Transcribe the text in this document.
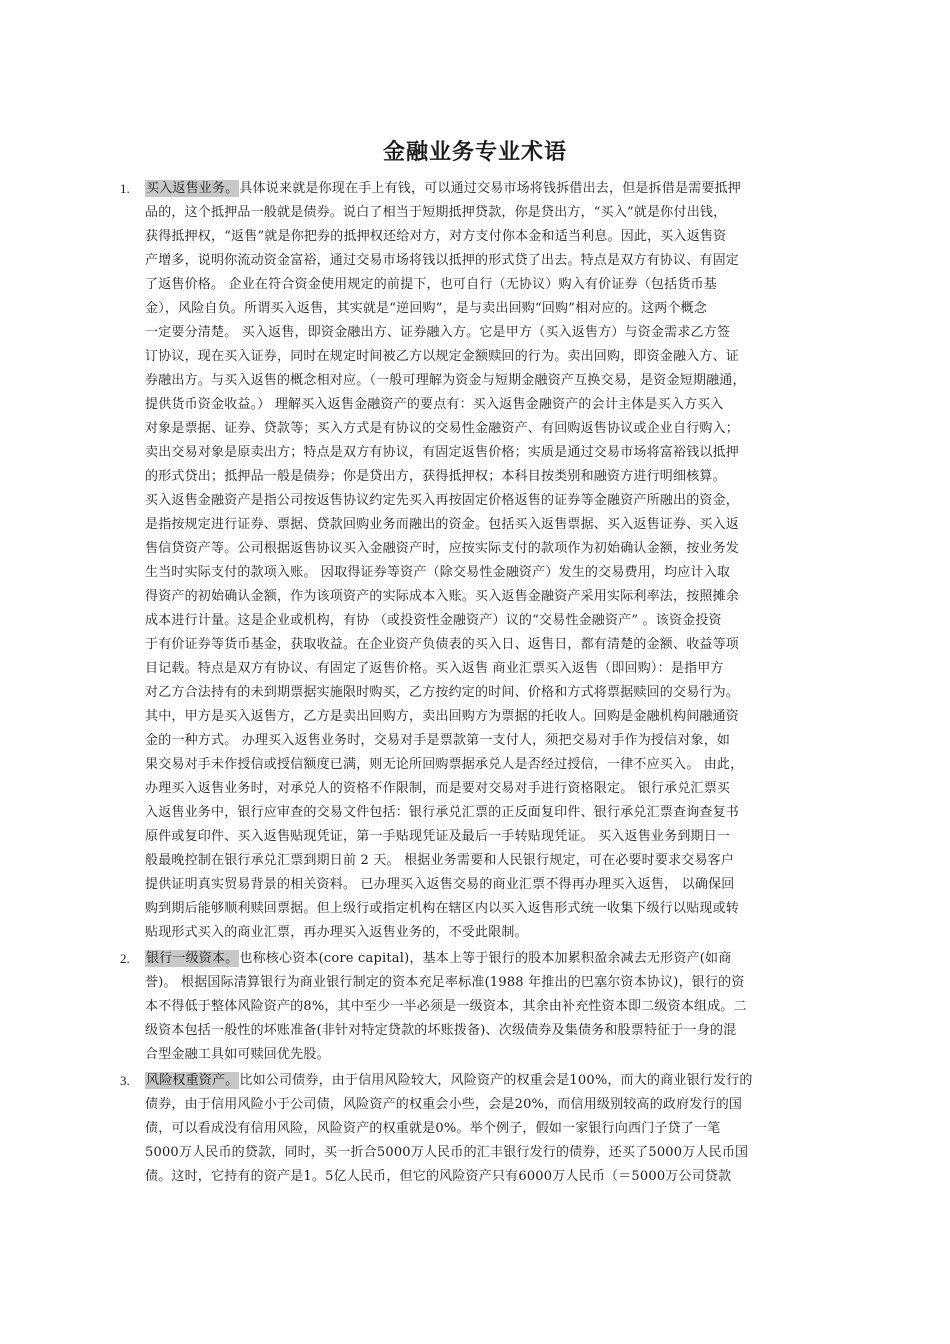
金融业务专业术语
1. 买入返售业务。具体说来就是你现在手上有钱，可以通过交易市场将钱拆借出去，但是拆借是需要抵押
品的，这个抵押品一般就是债券。说白了相当于短期抵押贷款，你是贷出方，“买入”就是你付出钱，
获得抵押权，“返售”就是你把券的抵押权还给对方，对方支付你本金和适当利息。因此，买入返售资
产增多，说明你流动资金富裕，通过交易市场将钱以抵押的形式贷了出去。特点是双方有协议、有固定
了返售价格。 企业在符合资金使用规定的前提下，也可自行（无协议）购入有价证券（包括货币基
金），风险自负。所谓买入返售，其实就是“逆回购”，是与卖出回购“回购”相对应的。这两个概念
一定要分清楚。 买入返售，即资金融出方、证券融入方。它是甲方（买入返售方）与资金需求乙方签
订协议，现在买入证券，同时在规定时间被乙方以规定金额赎回的行为。卖出回购，即资金融入方、证
券融出方。与买入返售的概念相对应。（一般可理解为资金与短期金融资产互换交易，是资金短期融通，
提供货币资金收益。） 理解买入返售金融资产的要点有：买入返售金融资产的会计主体是买入方买入
对象是票据、证券、贷款等；买入方式是有协议的交易性金融资产、有回购返售协议或企业自行购入；
卖出交易对象是原卖出方；特点是双方有协议，有固定返售价格；实质是通过交易市场将富裕钱以抵押
的形式贷出；抵押品一般是债券；你是贷出方，获得抵押权；本科目按类别和融资方进行明细核算。
买入返售金融资产是指公司按返售协议约定先买入再按固定价格返售的证券等金融资产所融出的资金，
是指按规定进行证券、票据、贷款回购业务而融出的资金。包括买入返售票据、买入返售证券、买入返
售信贷资产等。公司根据返售协议买入金融资产时，应按实际支付的款项作为初始确认金额，按业务发
生当时实际支付的款项入账。 因取得证券等资产（除交易性金融资产）发生的交易费用，均应计入取
得资产的初始确认金额，作为该项资产的实际成本入账。买入返售金融资产采用实际利率法，按照摊余
成本进行计量。这是企业或机构，有协 （或投资性金融资产）议的“交易性金融资产” 。该资金投资
于有价证券等货币基金，获取收益。在企业资产负债表的买入日、返售日，都有清楚的金额、收益等项
目记载。特点是双方有协议、有固定了返售价格。买入返售 商业汇票买入返售（即回购）：是指甲方
对乙方合法持有的未到期票据实施限时购买，乙方按约定的时间、价格和方式将票据赎回的交易行为。
其中，甲方是买入返售方，乙方是卖出回购方，卖出回购方为票据的托收人。回购是金融机构间融通资
金的一种方式。 办理买入返售业务时，交易对手是票款第一支付人，须把交易对手作为授信对象，如
果交易对手未作授信或授信额度已满，则无论所回购票据承兑人是否经过授信，一律不应买入。 由此，
办理买入返售业务时，对承兑人的资格不作限制，而是要对交易对手进行资格限定。 银行承兑汇票买
入返售业务中，银行应审查的交易文件包括：银行承兑汇票的正反面复印件、银行承兑汇票查询查复书
原件或复印件、买入返售贴现凭证，第一手贴现凭证及最后一手转贴现凭证。 买入返售业务到期日一
般最晚控制在银行承兑汇票到期日前 2 天。 根据业务需要和人民银行规定，可在必要时要求交易客户
提供证明真实贸易背景的相关资料。 已办理买入返售交易的商业汇票不得再办理买入返售， 以确保回
购到期后能够顺利赎回票据。但上级行或指定机构在辖区内以买入返售形式统一收集下级行以贴现或转
贴现形式买入的商业汇票，再办理买入返售业务的，不受此限制。
2. 银行一级资本。也称核心资本(core capital)，基本上等于银行的股本加累积盈余减去无形资产(如商
誉)。 根据国际清算银行为商业银行制定的资本充足率标准(1988 年推出的巴塞尔资本协议)，银行的资
本不得低于整体风险资产的8%，其中至少一半必须是一级资本，其余由补充性资本即二级资本组成。二
级资本包括一般性的坏账准备(非针对特定贷款的坏账拨备)、次级债券及集债务和股票特征于一身的混
合型金融工具如可赎回优先股。
3. 风险权重资产。比如公司债券，由于信用风险较大，风险资产的权重会是100%，而大的商业银行发行的
债券，由于信用风险小于公司债，风险资产的权重会小些，会是20%，而信用级别较高的政府发行的国
债，可以看成没有信用风险，风险资产的权重就是0%。举个例子，假如一家银行向西门子贷了一笔
5000万人民币的贷款，同时，买一折合5000万人民币的汇丰银行发行的债券，还买了5000万人民币国
债。这时，它持有的资产是1。5亿人民币，但它的风险资产只有6000万人民币（＝5000万公司贷款
